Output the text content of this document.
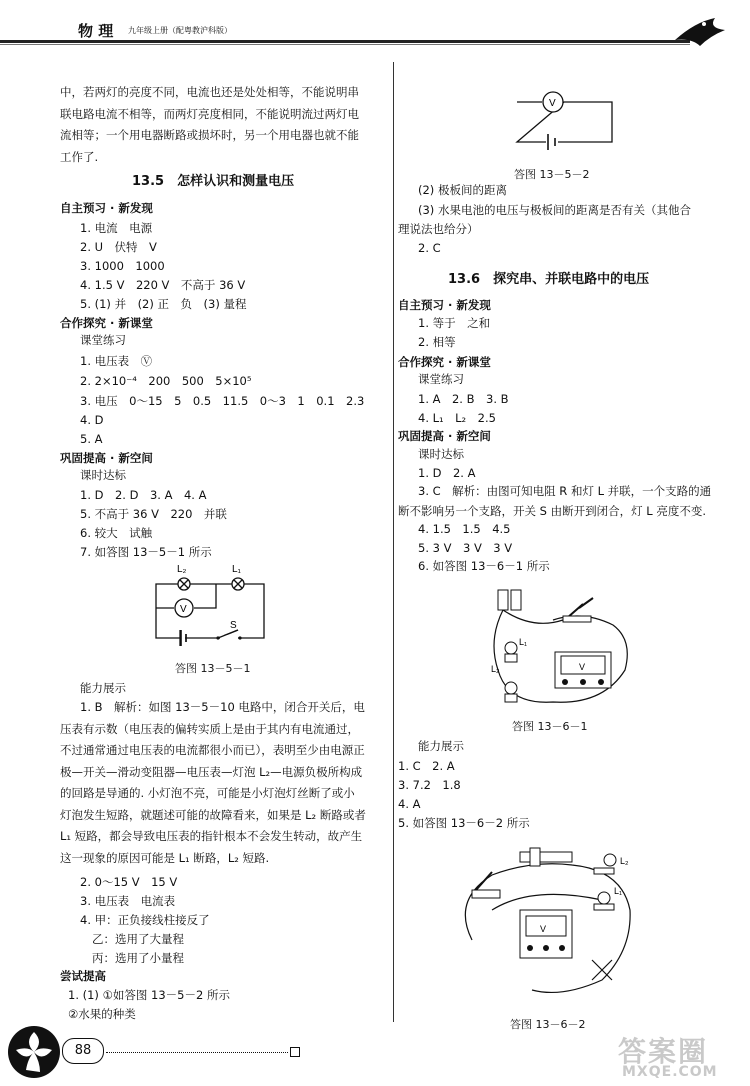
物 理 九年级上册（配粤教沪科版）
中，若两灯的亮度不同，电流也还是处处相等，不能说明串
联电路电流不相等，而两灯亮度相同，不能说明流过两灯电
流相等；一个用电器断路或损坏时，另一个用电器也就不能
工作了.
13.5　怎样认识和测量电压
自主预习 · 新发现
1. 电流　电源
2. U　伏特　V
3. 1000　1000
4. 1.5 V　220 V　不高于 36 V
5. (1) 并　(2) 正　负　(3) 量程
合作探究 · 新课堂
课堂练习
1. 电压表　Ⓥ
2. 2×10⁻⁴　200　500　5×10⁵
3. 电压　0～15　5　0.5　11.5　0～3　1　0.1　2.3
4. D
5. A
巩固提高 · 新空间
课时达标
1. D　2. D　3. A　4. A
5. 不高于 36 V　220　并联
6. 较大　试触
7. 如答图 13－5－1 所示
V
L₂	L₁
S
答图 13－5－1
能力展示
1. B　解析：如图 13－5－10 电路中，闭合开关后，电
压表有示数（电压表的偏转实质上是由于其内有电流通过，
不过通常通过电压表的电流都很小而已），表明至少由电源正
极—开关—滑动变阻器—电压表—灯泡 L₂—电源负极所构成
的回路是导通的. 小灯泡不亮，可能是小灯泡灯丝断了或小
灯泡发生短路，就题述可能的故障看来，如果是 L₂ 断路或者
L₁ 短路，都会导致电压表的指针根本不会发生转动，故产生
这一现象的原因可能是 L₁ 断路，L₂ 短路.
2. 0～15 V　15 V
3. 电压表　电流表
4. 甲：正负接线柱接反了
乙：选用了大量程
丙：选用了小量程
尝试提高
1. (1) ①如答图 13－5－2 所示
②水果的种类
V
答图 13－5－2
(2) 极板间的距离
(3) 水果电池的电压与极板间的距离是否有关（其他合
理说法也给分）
2. C
13.6　探究串、并联电路中的电压
自主预习 · 新发现
1. 等于　之和
2. 相等
合作探究 · 新课堂
课堂练习
1. A　2. B　3. B
4. L₁　L₂　2.5
巩固提高 · 新空间
课时达标
1. D　2. A
3. C　解析：由图可知电阻 R 和灯 L 并联，一个支路的通
断不影响另一个支路，开关 S 由断开到闭合，灯 L 亮度不变.
4. 1.5　1.5　4.5
5. 3 V　3 V　3 V
6. 如答图 13－6－1 所示
L₁
L₂	V
答图 13－6－1
能力展示
1. C　2. A
3. 7.2　1.8
4. A
5. 如答图 13－6－2 所示
L₂
L₁
V
答图 13－6－2
88	答案圈
MXQE.COM
